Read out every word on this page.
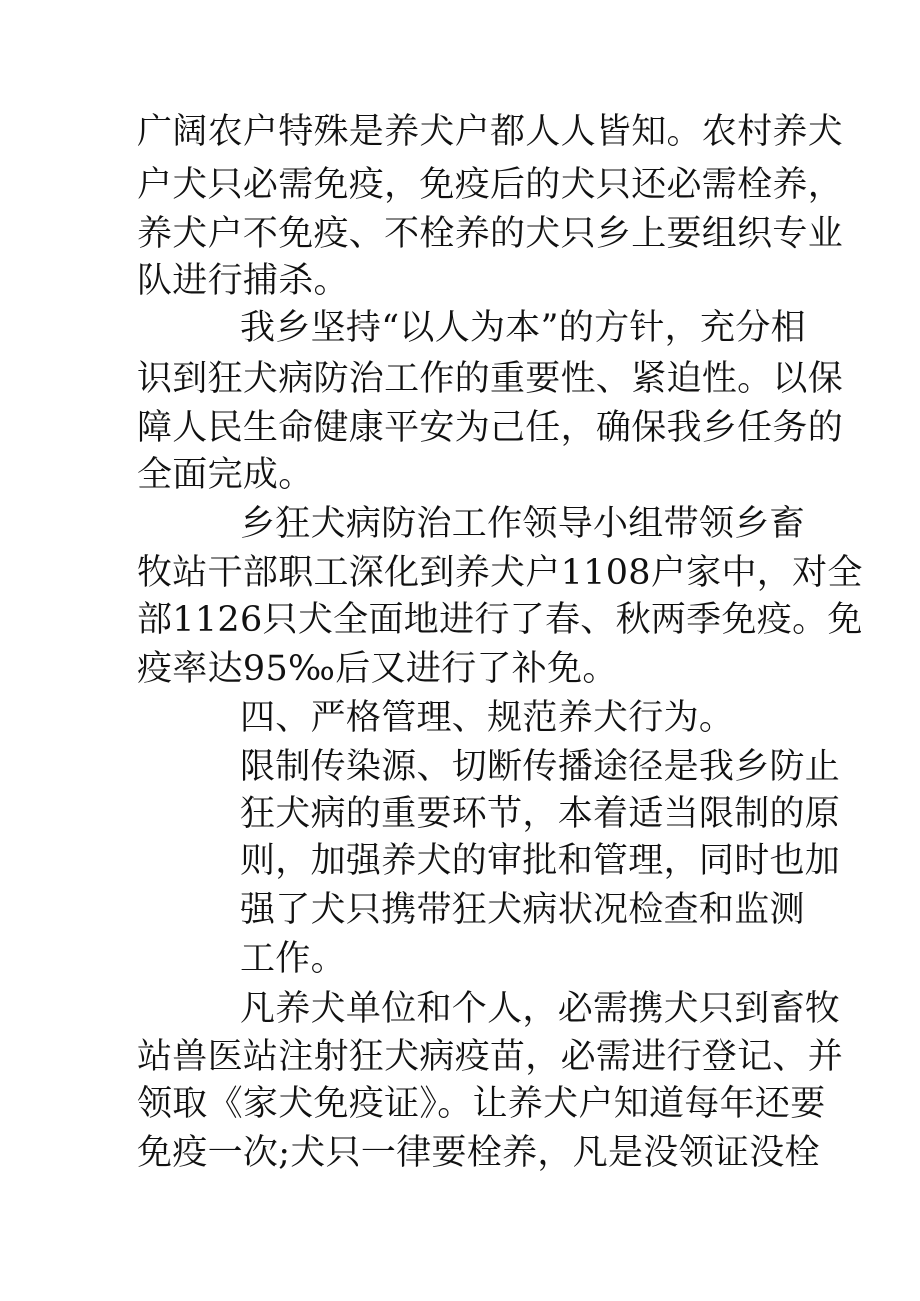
广阔农户特殊是养犬户都人人皆知。农村养犬
户犬只必需免疫，免疫后的犬只还必需栓养，
养犬户不免疫、不栓养的犬只乡上要组织专业
队进行捕杀。
我乡坚持“以人为本”的方针，充分相
识到狂犬病防治工作的重要性、紧迫性。以保
障人民生命健康平安为己任，确保我乡任务的
全面完成。
乡狂犬病防治工作领导小组带领乡畜
牧站干部职工深化到养犬户1108户家中，对全
部1126只犬全面地进行了春、秋两季免疫。免
疫率达95‰后又进行了补免。
四、严格管理、规范养犬行为。
限制传染源、切断传播途径是我乡防止
狂犬病的重要环节，本着适当限制的原
则，加强养犬的审批和管理，同时也加
强了犬只携带狂犬病状况检查和监测
工作。
凡养犬单位和个人，必需携犬只到畜牧
站兽医站注射狂犬病疫苗，必需进行登记、并
领取《家犬免疫证》。让养犬户知道每年还要
免疫一次;犬只一律要栓养，凡是没领证没栓
